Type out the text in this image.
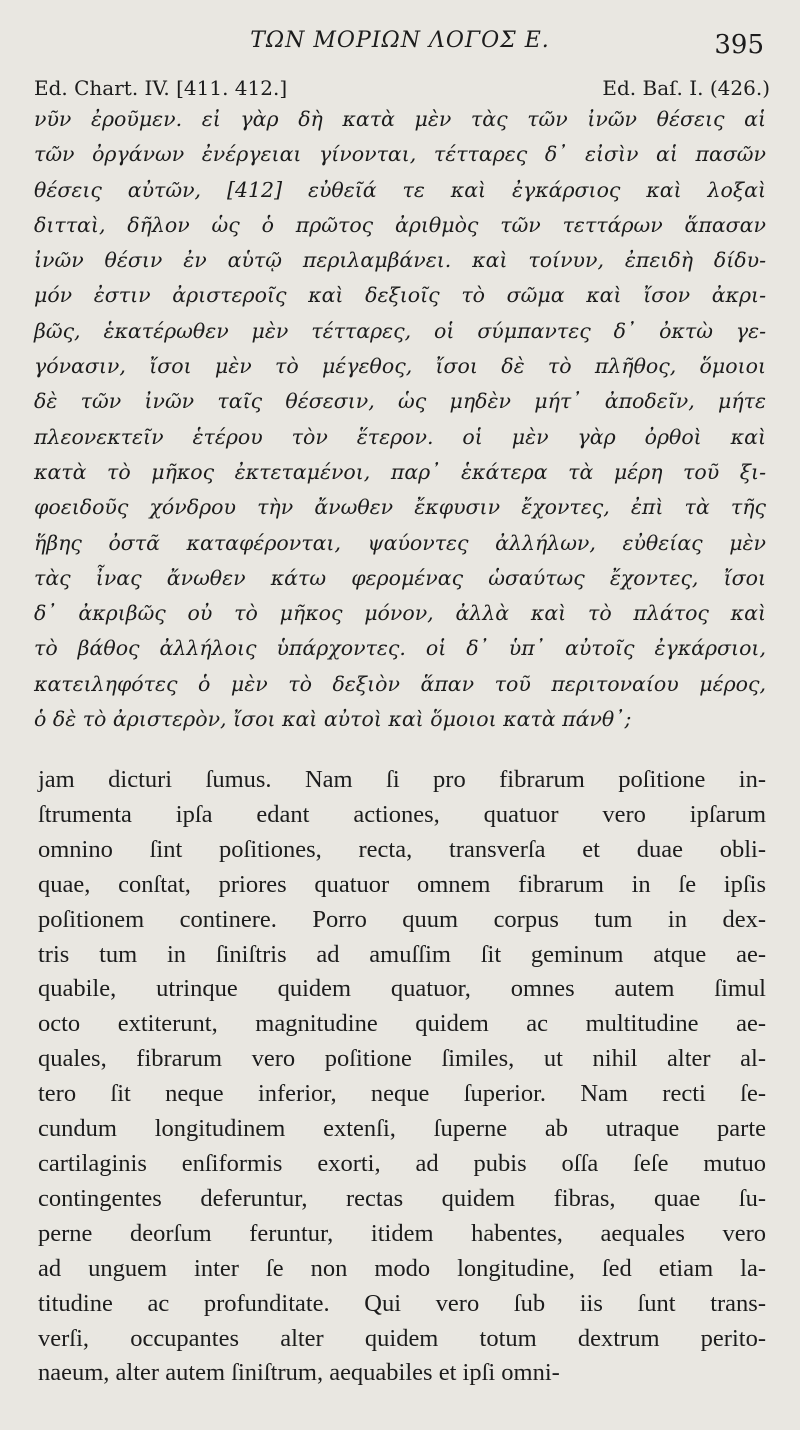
ΤΩΝ ΜΟΡΙΩΝ ΛΟΓΟΣ Ε.	395
Ed. Chart. IV. [411. 412.]	Ed. Baſ. I. (426.)
νῦν ἐροῦμεν. εἰ γὰρ δὴ κατὰ μὲν τὰς τῶν ἰνῶν θέσεις αἱ
τῶν ὀργάνων ἐνέργειαι γίνονται, τέτταρες δ᾽ εἰσὶν αἱ πασῶν
θέσεις αὐτῶν, [412] εὐθεῖά τε καὶ ἐγκάρσιος καὶ λοξαὶ
διτταὶ, δῆλον ὡς ὁ πρῶτος ἀριθμὸς τῶν τεττάρων ἅπασαν
ἰνῶν θέσιν ἐν αὑτῷ περιλαμβάνει. καὶ τοίνυν, ἐπειδὴ δίδυ-
μόν ἐστιν ἀριστεροῖς καὶ δεξιοῖς τὸ σῶμα καὶ ἴσον ἀκρι-
βῶς, ἑκατέρωθεν μὲν τέτταρες, οἱ σύμπαντες δ᾽ ὀκτὼ γε-
γόνασιν, ἴσοι μὲν τὸ μέγεθος, ἴσοι δὲ τὸ πλῆθος, ὅμοιοι
δὲ τῶν ἰνῶν ταῖς θέσεσιν, ὡς μηδὲν μήτ᾽ ἀποδεῖν, μήτε
πλεονεκτεῖν ἑτέρου τὸν ἕτερον. οἱ μὲν γὰρ ὀρθοὶ καὶ
κατὰ τὸ μῆκος ἐκτεταμένοι, παρ᾽ ἑκάτερα τὰ μέρη τοῦ ξι-
φοειδοῦς χόνδρου τὴν ἄνωθεν ἔκφυσιν ἔχοντες, ἐπὶ τὰ τῆς
ἥβης ὀστᾶ καταφέρονται, ψαύοντες ἀλλήλων, εὐθείας μὲν
τὰς ἶνας ἄνωθεν κάτω φερομένας ὡσαύτως ἔχοντες, ἴσοι
δ᾽ ἀκριβῶς οὐ τὸ μῆκος μόνον, ἀλλὰ καὶ τὸ πλάτος καὶ
τὸ βάθος ἀλλήλοις ὑπάρχοντες. οἱ δ᾽ ὑπ᾽ αὐτοῖς ἐγκάρσιοι,
κατειληφότες ὁ μὲν τὸ δεξιὸν ἅπαν τοῦ περιτοναίου μέρος,
ὁ δὲ τὸ ἀριστερὸν, ἴσοι καὶ αὐτοὶ καὶ ὅμοιοι κατὰ πάνθ᾽;
jam dicturi ſumus. Nam ſi pro fibrarum poſitione in-
ſtrumenta ipſa edant actiones, quatuor vero ipſarum
omnino ſint poſitiones, recta, transverſa et duae obli-
quae, conſtat, priores quatuor omnem fibrarum in ſe ipſis
poſitionem continere. Porro quum corpus tum in dex-
tris tum in ſiniſtris ad amuſſim ſit geminum atque ae-
quabile, utrinque quidem quatuor, omnes autem ſimul
octo extiterunt, magnitudine quidem ac multitudine ae-
quales, fibrarum vero poſitione ſimiles, ut nihil alter al-
tero ſit neque inferior, neque ſuperior. Nam recti ſe-
cundum longitudinem extenſi, ſuperne ab utraque parte
cartilaginis enſiformis exorti, ad pubis oſſa ſeſe mutuo
contingentes deferuntur, rectas quidem fibras, quae ſu-
perne deorſum feruntur, itidem habentes, aequales vero
ad unguem inter ſe non modo longitudine, ſed etiam la-
titudine ac profunditate. Qui vero ſub iis ſunt trans-
verſi, occupantes alter quidem totum dextrum perito-
naeum, alter autem ſiniſtrum, aequabiles et ipſi omni-
